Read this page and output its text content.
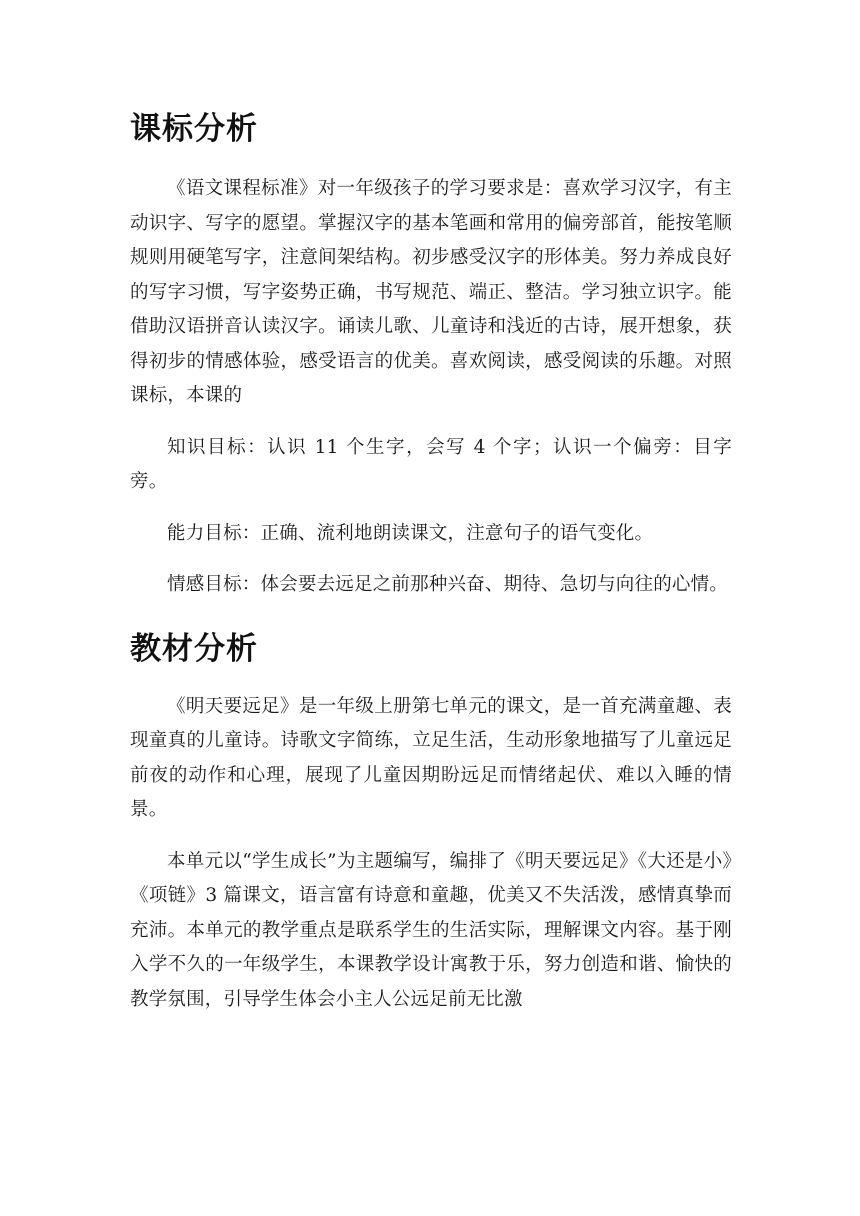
课标分析

《语文课程标准》对一年级孩子的学习要求是：喜欢学习汉字，有主动识字、写字的愿望。掌握汉字的基本笔画和常用的偏旁部首，能按笔顺规则用硬笔写字，注意间架结构。初步感受汉字的形体美。努力养成良好的写字习惯，写字姿势正确，书写规范、端正、整洁。学习独立识字。能借助汉语拼音认读汉字。诵读儿歌、儿童诗和浅近的古诗，展开想象，获得初步的情感体验，感受语言的优美。喜欢阅读，感受阅读的乐趣。对照课标，本课的

知识目标：认识 11 个生字，会写 4 个字；认识一个偏旁：目字旁。

能力目标：正确、流利地朗读课文，注意句子的语气变化。

情感目标：体会要去远足之前那种兴奋、期待、急切与向往的心情。

教材分析

《明天要远足》是一年级上册第七单元的课文，是一首充满童趣、表现童真的儿童诗。诗歌文字简练，立足生活，生动形象地描写了儿童远足前夜的动作和心理，展现了儿童因期盼远足而情绪起伏、难以入睡的情景。

本单元以“学生成长”为主题编写，编排了《明天要远足》《大还是小》《项链》3 篇课文，语言富有诗意和童趣，优美又不失活泼，感情真挚而充沛。本单元的教学重点是联系学生的生活实际，理解课文内容。基于刚入学不久的一年级学生，本课教学设计寓教于乐，努力创造和谐、愉快的教学氛围，引导学生体会小主人公远足前无比激
